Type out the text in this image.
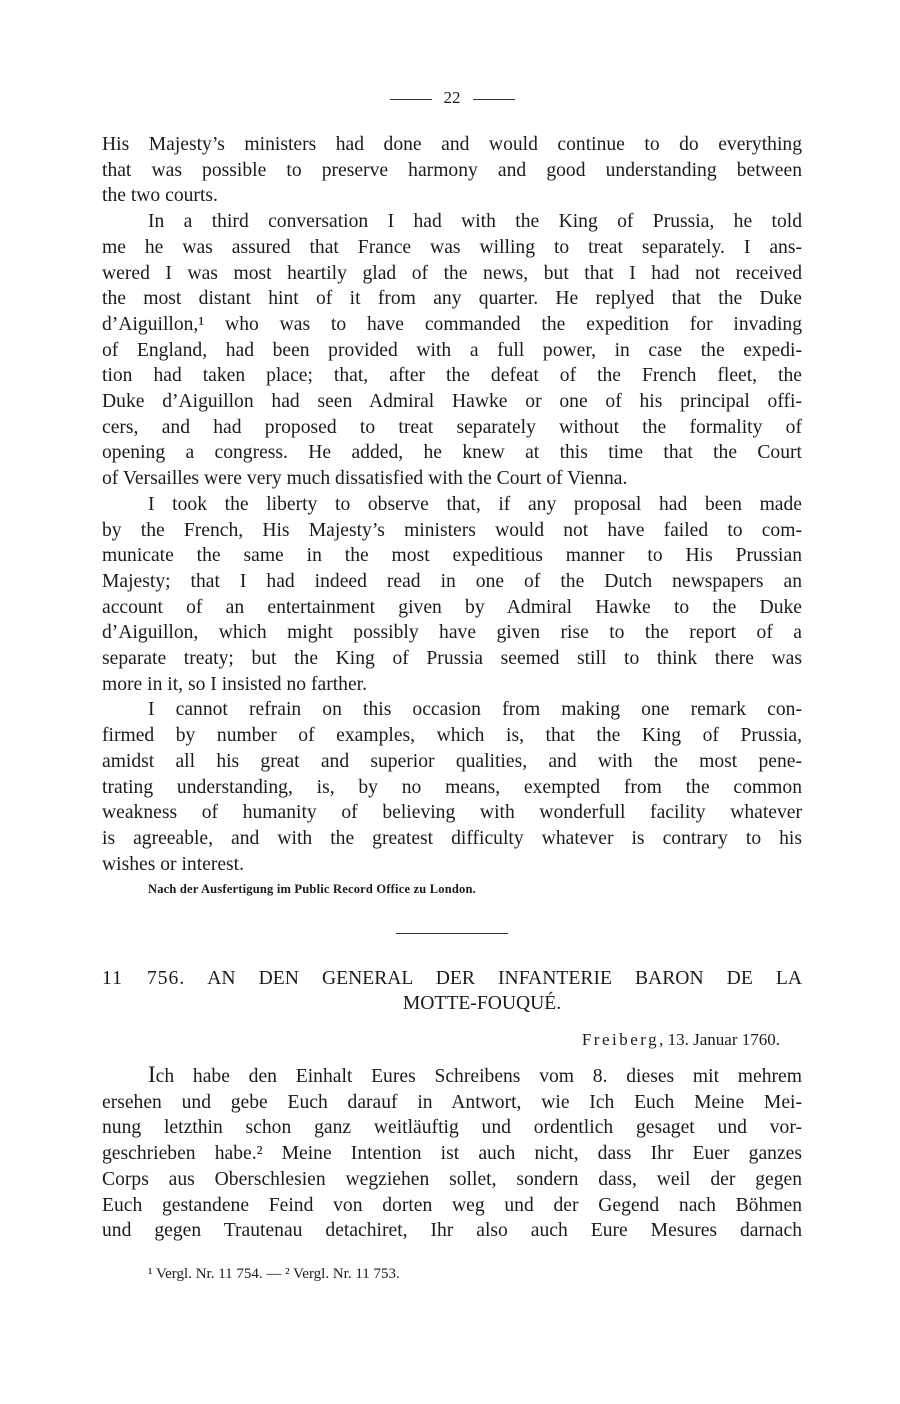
22

His Majesty’s ministers had done and would continue to do everything
that was possible to preserve harmony and good understanding between
the two courts.

In a third conversation I had with the King of Prussia, he told
me he was assured that France was willing to treat separately. I ans-
wered I was most heartily glad of the news, but that I had not received
the most distant hint of it from any quarter. He replyed that the Duke
d’Aiguillon,¹ who was to have commanded the expedition for invading
of England, had been provided with a full power, in case the expedi-
tion had taken place; that, after the defeat of the French fleet, the
Duke d’Aiguillon had seen Admiral Hawke or one of his principal offi-
cers, and had proposed to treat separately without the formality of
opening a congress. He added, he knew at this time that the Court
of Versailles were very much dissatisfied with the Court of Vienna.

I took the liberty to observe that, if any proposal had been made
by the French, His Majesty’s ministers would not have failed to com-
municate the same in the most expeditious manner to His Prussian
Majesty; that I had indeed read in one of the Dutch newspapers an
account of an entertainment given by Admiral Hawke to the Duke
d’Aiguillon, which might possibly have given rise to the report of a
separate treaty; but the King of Prussia seemed still to think there was
more in it, so I insisted no farther.

I cannot refrain on this occasion from making one remark con-
firmed by number of examples, which is, that the King of Prussia,
amidst all his great and superior qualities, and with the most pene-
trating understanding, is, by no means, exempted from the common
weakness of humanity of believing with wonderfull facility whatever
is agreeable, and with the greatest difficulty whatever is contrary to his
wishes or interest.

Nach der Ausfertigung im Public Record Office zu London.
11 756. AN DEN GENERAL DER INFANTERIE BARON DE LA
MOTTE-FOUQUÉ.
Freiberg, 13. Januar 1760.
Ich habe den Einhalt Eures Schreibens vom 8. dieses mit mehrem
ersehen und gebe Euch darauf in Antwort, wie Ich Euch Meine Mei-
nung letzthin schon ganz weitläuftig und ordentlich gesaget und vor-
geschrieben habe.² Meine Intention ist auch nicht, dass Ihr Euer ganzes
Corps aus Oberschlesien wegziehen sollet, sondern dass, weil der gegen
Euch gestandene Feind von dorten weg und der Gegend nach Böhmen
und gegen Trautenau detachiret, Ihr also auch Eure Mesures darnach
¹ Vergl. Nr. 11 754. — ² Vergl. Nr. 11 753.
